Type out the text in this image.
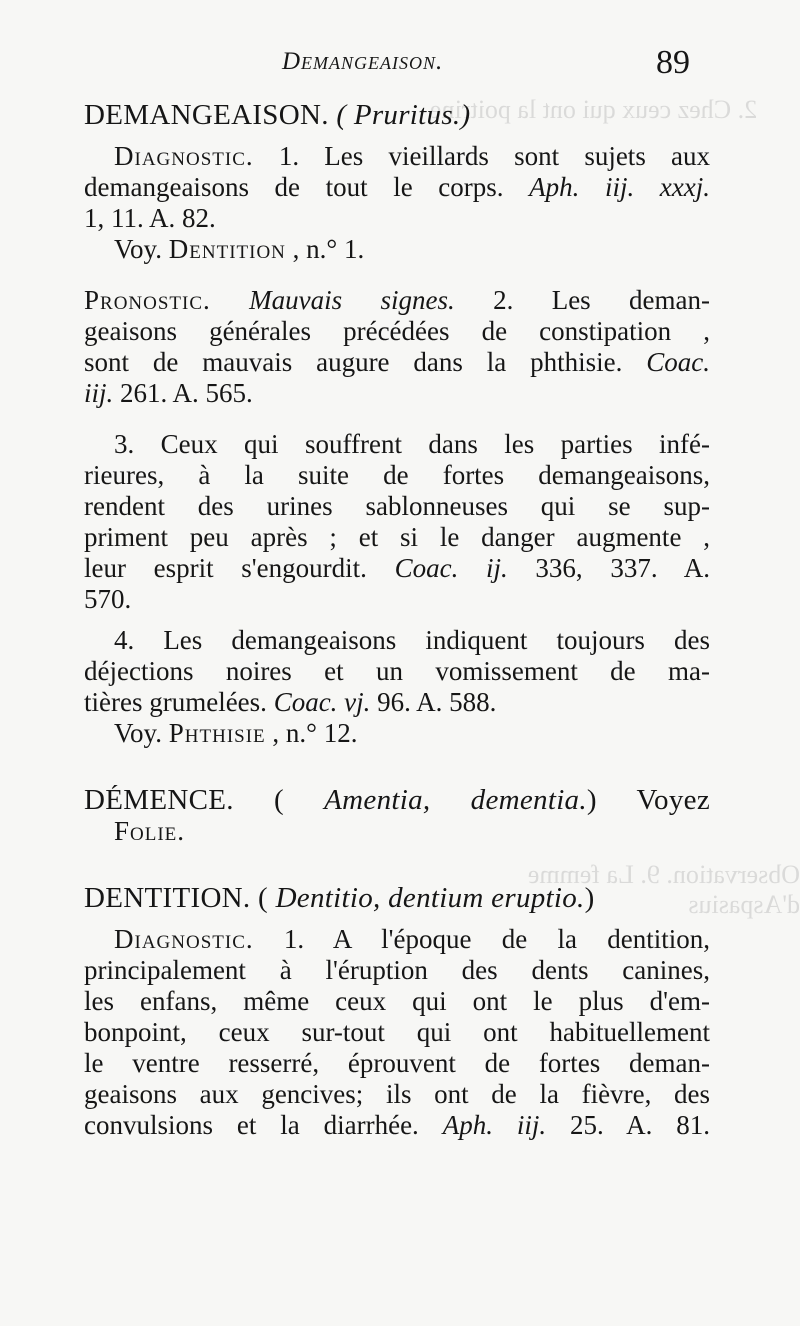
2. Chez ceux qui ont la poitrine
Observation. 9. La femme d'Aspasius
Demangeaison.	89
DEMANGEAISON. ( Pruritus.)
Diagnostic. 1. Les vieillards sont sujets aux
demangeaisons de tout le corps. Aph. iij. xxxj.
1, 11. A. 82.
Voy. Dentition , n.° 1.
Pronostic. Mauvais signes. 2. Les deman-
geaisons générales précédées de constipation ,
sont de mauvais augure dans la phthisie. Coac.
iij. 261. A. 565.
3. Ceux qui souffrent dans les parties infé-
rieures, à la suite de fortes demangeaisons,
rendent des urines sablonneuses qui se sup-
priment peu après ; et si le danger augmente ,
leur esprit s'engourdit. Coac. ij. 336, 337. A.
570.
4. Les demangeaisons indiquent toujours des
déjections noires et un vomissement de ma-
tières grumelées. Coac. vj. 96. A. 588.
Voy. Phthisie , n.° 12.
DÉMENCE. ( Amentia, dementia.) Voyez
Folie.
DENTITION. ( Dentitio, dentium eruptio.)
Diagnostic. 1. A l'époque de la dentition,
principalement à l'éruption des dents canines,
les enfans, même ceux qui ont le plus d'em-
bonpoint, ceux sur-tout qui ont habituellement
le ventre resserré, éprouvent de fortes deman-
geaisons aux gencives; ils ont de la fièvre, des
convulsions et la diarrhée. Aph. iij. 25. A. 81.
